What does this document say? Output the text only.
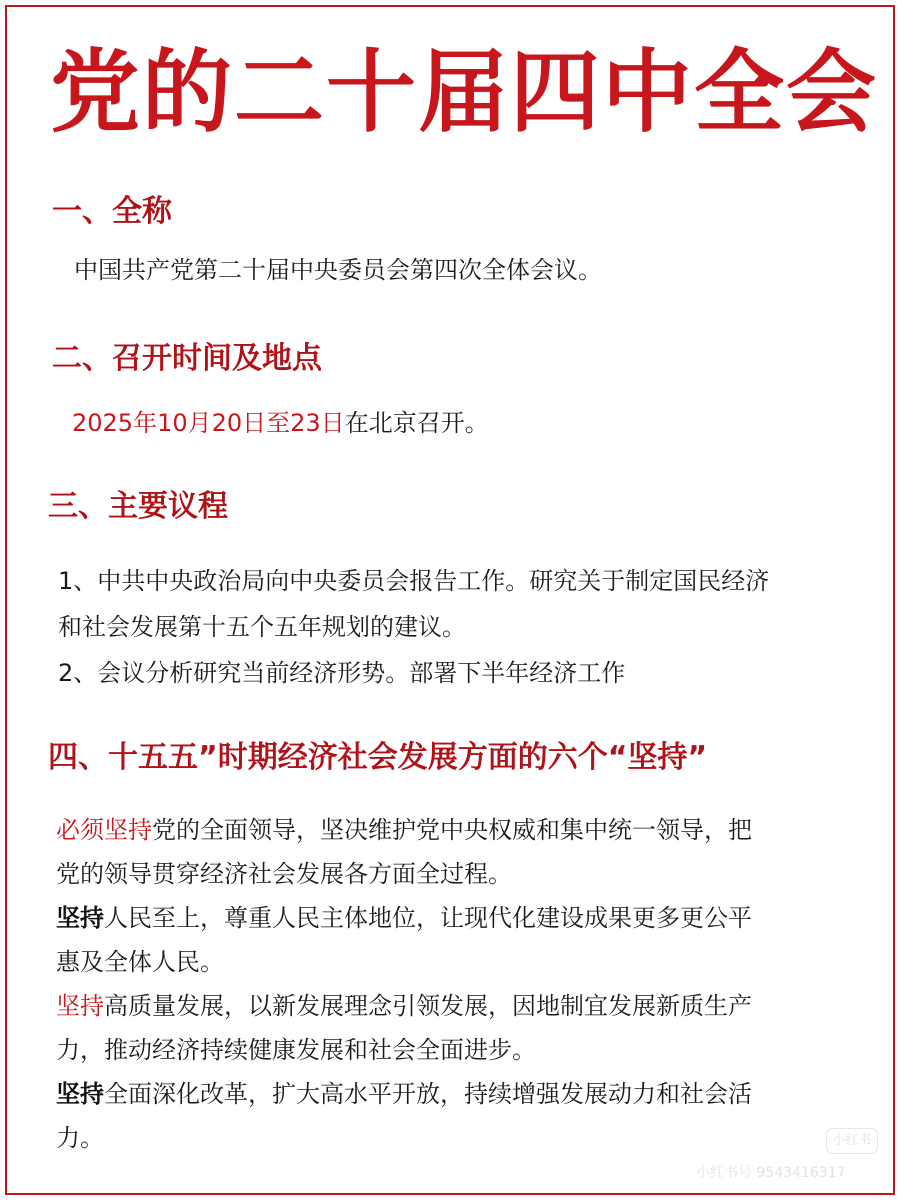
党的二十届四中全会
一、全称
中国共产党第二十届中央委员会第四次全体会议。
二、召开时间及地点
2025年10月20日至23日在北京召开。
三、主要议程
1、中共中央政治局向中央委员会报告工作。研究关于制定国民经济
和社会发展第十五个五年规划的建议。
2、会议分析研究当前经济形势。部署下半年经济工作
四、十五五”时期经济社会发展方面的六个“坚持”
必须坚持党的全面领导，坚决维护党中央权威和集中统一领导，把
党的领导贯穿经济社会发展各方面全过程。
坚持人民至上，尊重人民主体地位，让现代化建设成果更多更公平
惠及全体人民。
坚持高质量发展，以新发展理念引领发展，因地制宜发展新质生产
力，推动经济持续健康发展和社会全面进步。
坚持全面深化改革，扩大高水平开放，持续增强发展动力和社会活
力。	小红书
小红书号 9543416317
